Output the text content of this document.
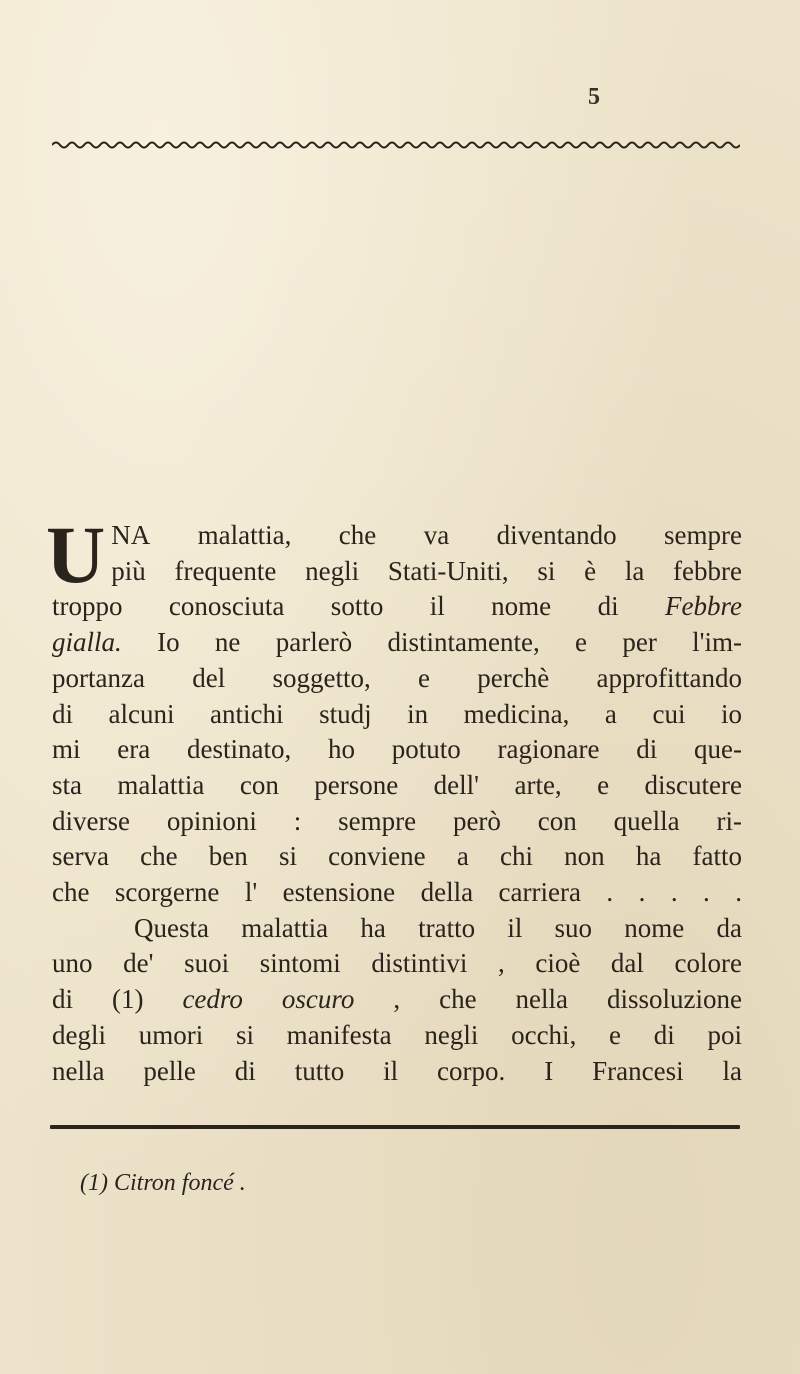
5
U NA malattia, che va diventando sempre
più frequente negli Stati-Uniti, si è la febbre
troppo conosciuta sotto il nome di Febbre
gialla. Io ne parlerò distintamente, e per l'im-
portanza del soggetto, e perchè approfittando
di alcuni antichi studj in medicina, a cui io
mi era destinato, ho potuto ragionare di que-
sta malattia con persone dell' arte, e discutere
diverse opinioni : sempre però con quella ri-
serva che ben si conviene a chi non ha fatto
che scorgerne l' estensione della carriera . . . . .
Questa malattia ha tratto il suo nome da
uno de' suoi sintomi distintivi , cioè dal colore
di (1) cedro oscuro , che nella dissoluzione
degli umori si manifesta negli occhi, e di poi
nella pelle di tutto il corpo. I Francesi la
(1) Citron foncé .
